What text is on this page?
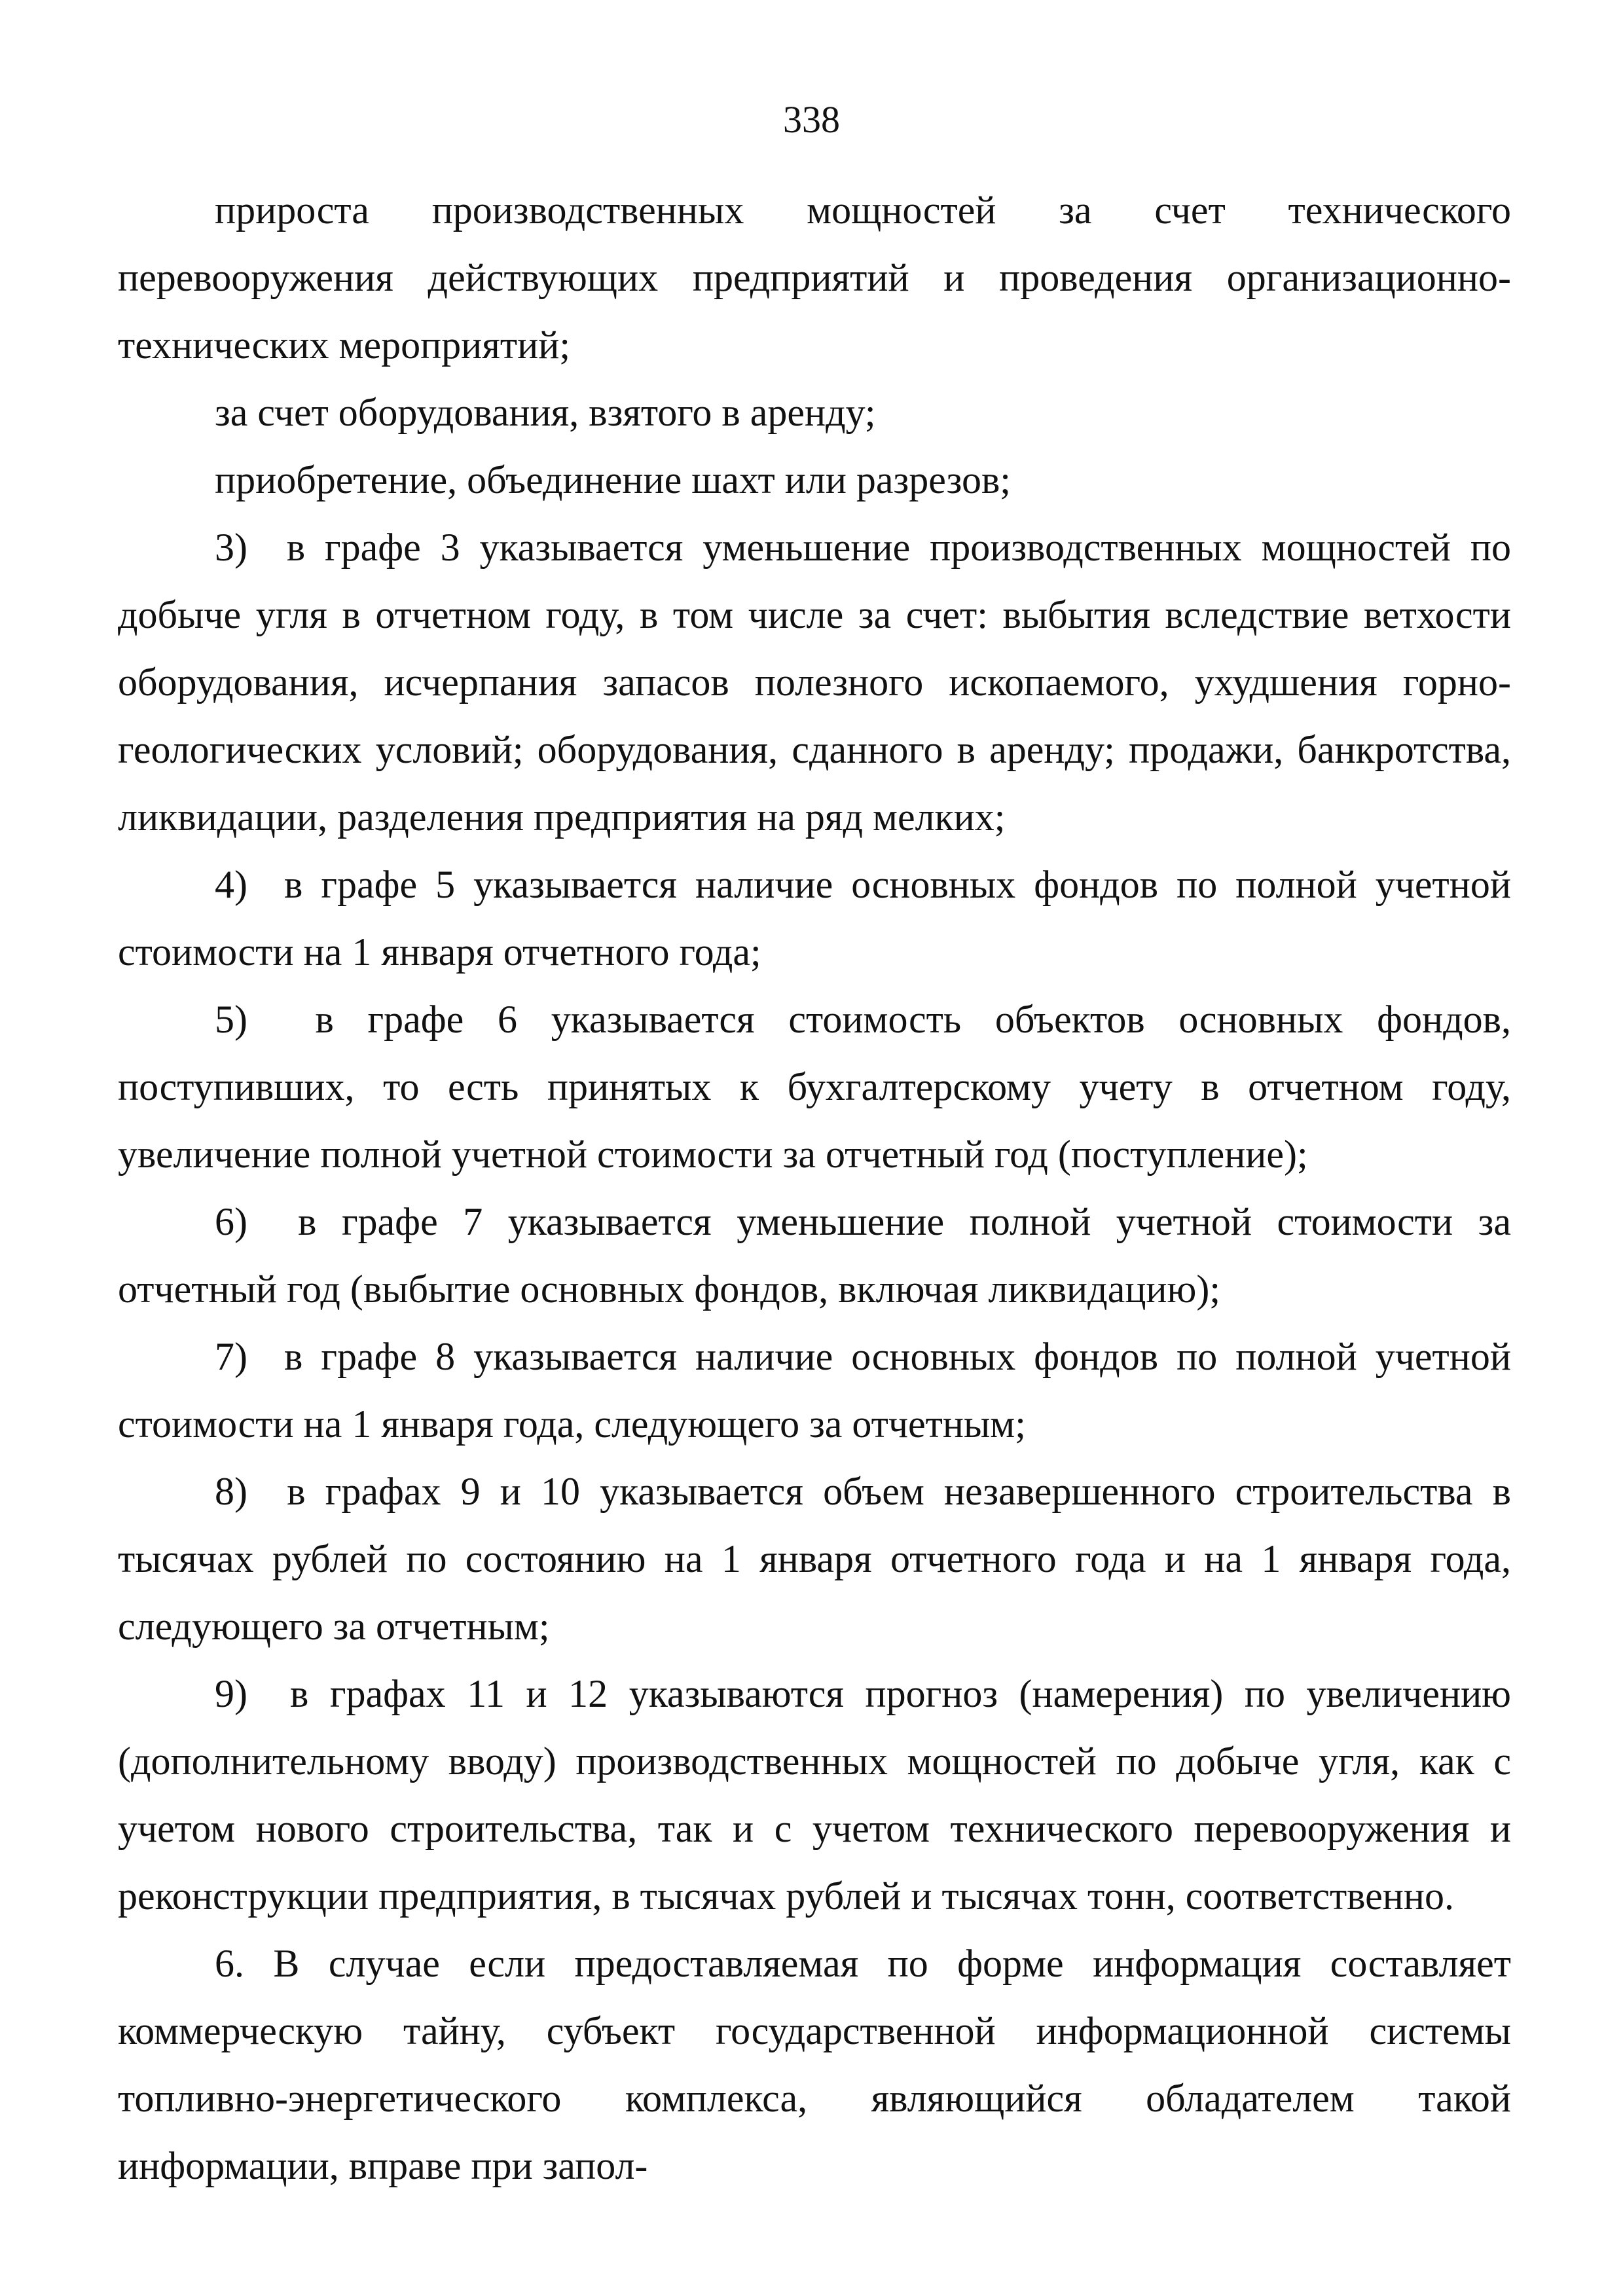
338

прироста производственных мощностей за счет технического перевооружения действующих предприятий и проведения организационно-технических мероприятий;

за счет оборудования, взятого в аренду;

приобретение, объединение шахт или разрезов;

3)  в графе 3 указывается уменьшение производственных мощностей по добыче угля в отчетном году, в том числе за счет: выбытия вследствие ветхости оборудования, исчерпания запасов полезного ископаемого, ухудшения горно-геологических условий; оборудования, сданного в аренду; продажи, банкротства, ликвидации, разделения предприятия на ряд мелких;

4)  в графе 5 указывается наличие основных фондов по полной учетной стоимости на 1 января отчетного года;

5)  в графе 6 указывается стоимость объектов основных фондов, поступивших, то есть принятых к бухгалтерскому учету в отчетном году, увеличение полной учетной стоимости за отчетный год (поступление);

6)  в графе 7 указывается уменьшение полной учетной стоимости за отчетный год (выбытие основных фондов, включая ликвидацию);

7)  в графе 8 указывается наличие основных фондов по полной учетной стоимости на 1 января года, следующего за отчетным;

8)  в графах 9 и 10 указывается объем незавершенного строительства в тысячах рублей по состоянию на 1 января отчетного года и на 1 января года, следующего за отчетным;

9)  в графах 11 и 12 указываются прогноз (намерения) по увеличению (дополнительному вводу) производственных мощностей по добыче угля, как с учетом нового строительства, так и с учетом технического перевооружения и реконструкции предприятия, в тысячах рублей и тысячах тонн, соответственно.

6. В случае если предоставляемая по форме информация составляет коммерческую тайну, субъект государственной информационной системы топливно-энергетического комплекса, являющийся обладателем такой информации, вправе при запол-
